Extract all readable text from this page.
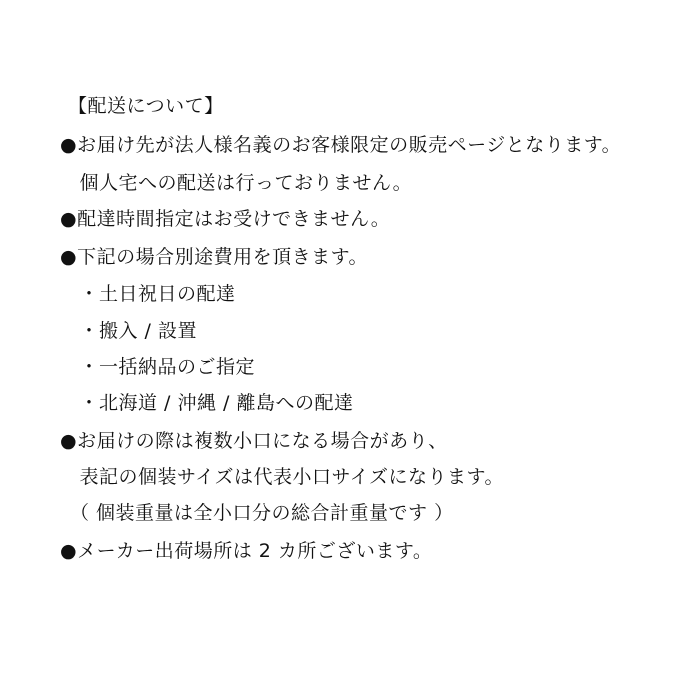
【配送について】
●お届け先が法人様名義のお客様限定の販売ページとなります。
　個人宅への配送は行っておりません。
●配達時間指定はお受けできません。
●下記の場合別途費用を頂きます。
　・土日祝日の配達
　・搬入 / 設置
　・一括納品のご指定
　・北海道 / 沖縄 / 離島への配達
●お届けの際は複数小口になる場合があり、
　表記の個装サイズは代表小口サイズになります。
　（ 個装重量は全小口分の総合計重量です ）
●メーカー出荷場所は 2 カ所ございます。
